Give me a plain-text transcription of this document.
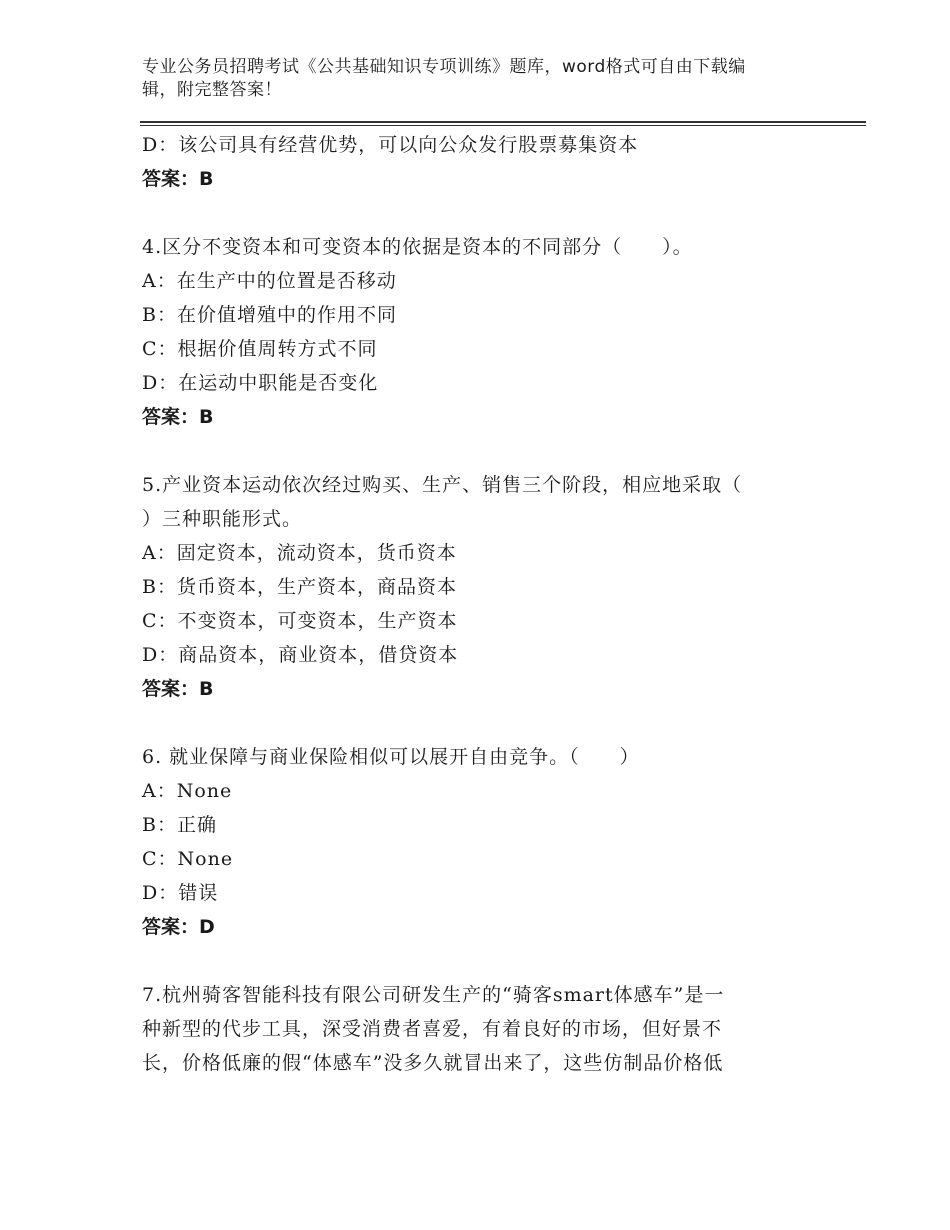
专业公务员招聘考试《公共基础知识专项训练》题库，word格式可自由下载编
辑，附完整答案！
D：该公司具有经营优势，可以向公众发行股票募集资本
答案：B
4.区分不变资本和可变资本的依据是资本的不同部分（　　）。
A：在生产中的位置是否移动
B：在价值增殖中的作用不同
C：根据价值周转方式不同
D：在运动中职能是否变化
答案：B
5.产业资本运动依次经过购买、生产、销售三个阶段，相应地采取（
）三种职能形式。
A：固定资本，流动资本，货币资本
B：货币资本，生产资本，商品资本
C：不变资本，可变资本，生产资本
D：商品资本，商业资本，借贷资本
答案：B
6. 就业保障与商业保险相似可以展开自由竞争。（　　）
A：None
B：正确
C：None
D：错误
答案：D
7.杭州骑客智能科技有限公司研发生产的“骑客smart体感车”是一
种新型的代步工具，深受消费者喜爱，有着良好的市场，但好景不
长，价格低廉的假“体感车”没多久就冒出来了，这些仿制品价格低
